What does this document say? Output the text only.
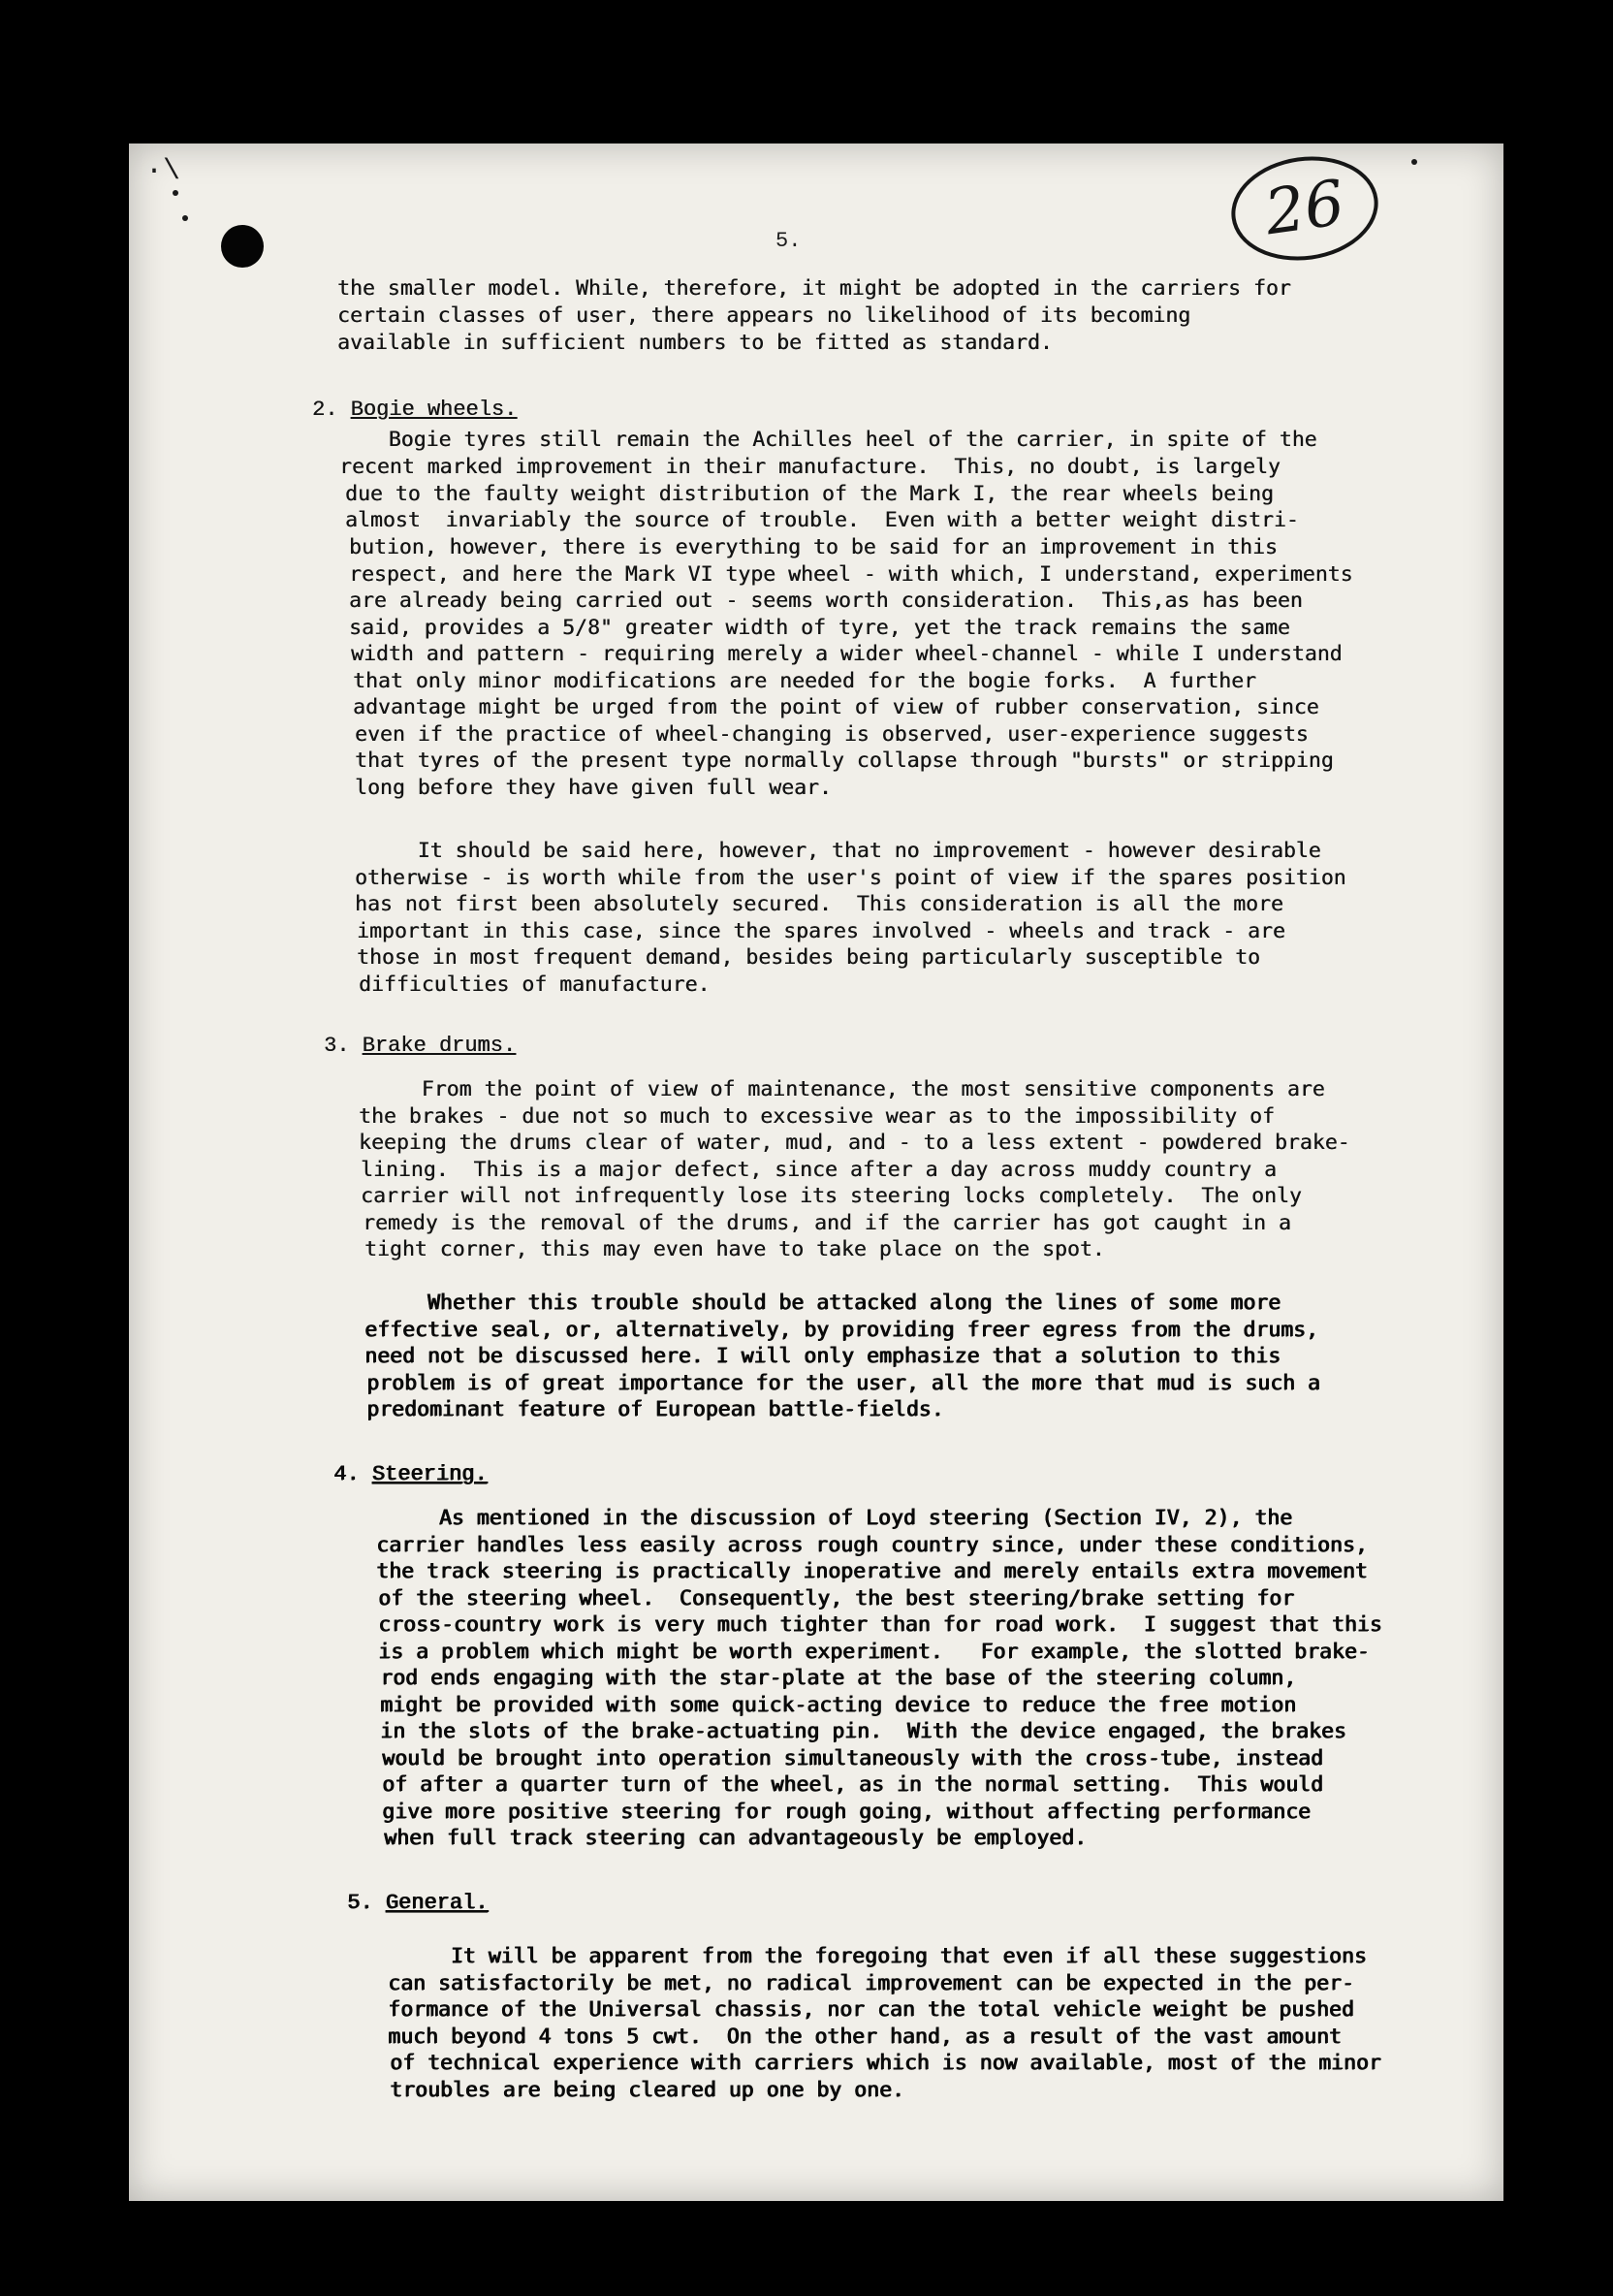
·\	26
5.
the smaller model. While, therefore, it might be adopted in the carriers for
certain classes of user, there appears no likelihood of its becoming
available in sufficient numbers to be fitted as standard.
2. Bogie wheels.
Bogie tyres still remain the Achilles heel of the carrier, in spite of the
recent marked improvement in their manufacture.  This, no doubt, is largely
due to the faulty weight distribution of the Mark I, the rear wheels being
almost  invariably the source of trouble.  Even with a better weight distri-
bution, however, there is everything to be said for an improvement in this
respect, and here the Mark VI type wheel - with which, I understand, experiments
are already being carried out - seems worth consideration.  This,as has been
said, provides a 5/8" greater width of tyre, yet the track remains the same
width and pattern - requiring merely a wider wheel-channel - while I understand
that only minor modifications are needed for the bogie forks.  A further
advantage might be urged from the point of view of rubber conservation, since
even if the practice of wheel-changing is observed, user-experience suggests
that tyres of the present type normally collapse through "bursts" or stripping
long before they have given full wear.
It should be said here, however, that no improvement - however desirable
otherwise - is worth while from the user's point of view if the spares position
has not first been absolutely secured.  This consideration is all the more
important in this case, since the spares involved - wheels and track - are
those in most frequent demand, besides being particularly susceptible to
difficulties of manufacture.
3. Brake drums.
From the point of view of maintenance, the most sensitive components are
the brakes - due not so much to excessive wear as to the impossibility of
keeping the drums clear of water, mud, and - to a less extent - powdered brake-
lining.  This is a major defect, since after a day across muddy country a
carrier will not infrequently lose its steering locks completely.  The only
remedy is the removal of the drums, and if the carrier has got caught in a
tight corner, this may even have to take place on the spot.
Whether this trouble should be attacked along the lines of some more
effective seal, or, alternatively, by providing freer egress from the drums,
need not be discussed here. I will only emphasize that a solution to this
problem is of great importance for the user, all the more that mud is such a
predominant feature of European battle-fields.
4. Steering.
As mentioned in the discussion of Loyd steering (Section IV, 2), the
carrier handles less easily across rough country since, under these conditions,
the track steering is practically inoperative and merely entails extra movement
of the steering wheel.  Consequently, the best steering/brake setting for
cross-country work is very much tighter than for road work.  I suggest that this
is a problem which might be worth experiment.   For example, the slotted brake-
rod ends engaging with the star-plate at the base of the steering column,
might be provided with some quick-acting device to reduce the free motion
in the slots of the brake-actuating pin.  With the device engaged, the brakes
would be brought into operation simultaneously with the cross-tube, instead
of after a quarter turn of the wheel, as in the normal setting.  This would
give more positive steering for rough going, without affecting performance
when full track steering can advantageously be employed.
5. General.
It will be apparent from the foregoing that even if all these suggestions
can satisfactorily be met, no radical improvement can be expected in the per-
formance of the Universal chassis, nor can the total vehicle weight be pushed
much beyond 4 tons 5 cwt.  On the other hand, as a result of the vast amount
of technical experience with carriers which is now available, most of the minor
troubles are being cleared up one by one.
